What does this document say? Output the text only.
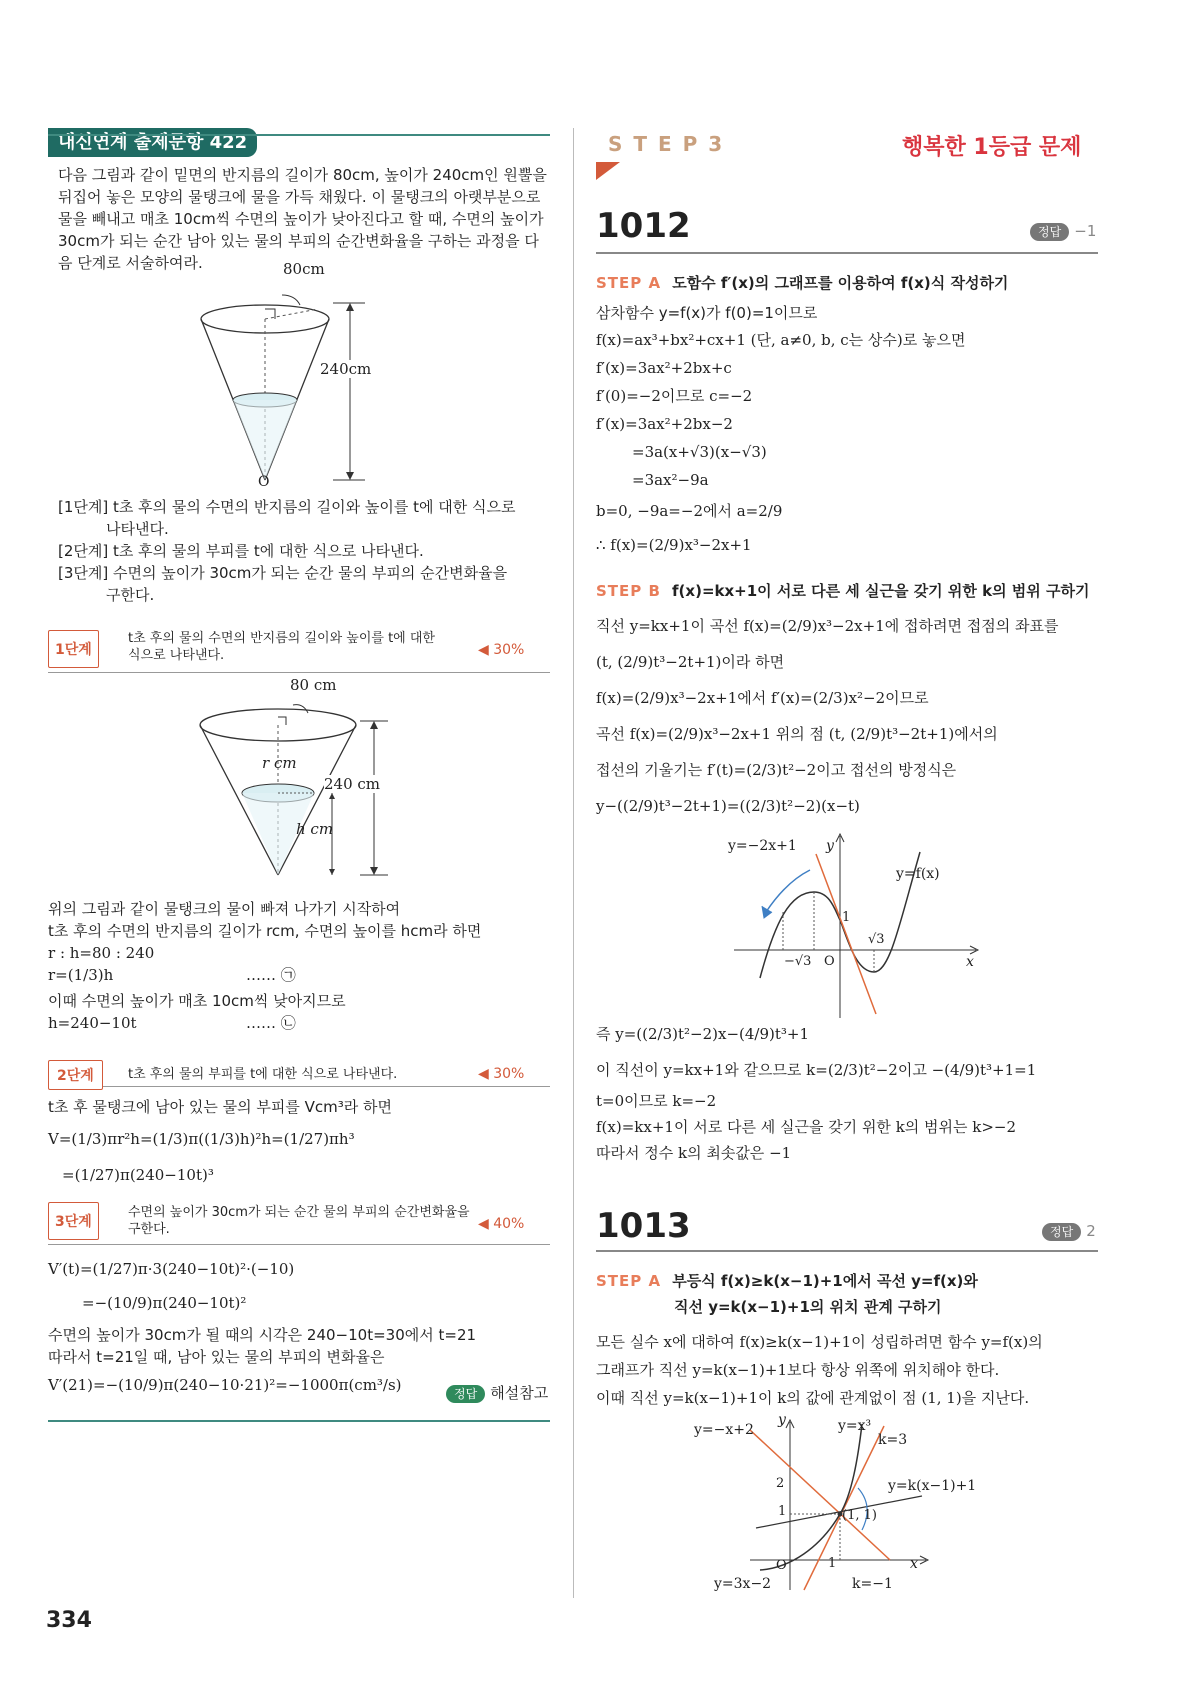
내신연계 출제문항 422
다음 그림과 같이 밑면의 반지름의 길이가 80cm, 높이가 240cm인 원뿔을
뒤집어 놓은 모양의 물탱크에 물을 가득 채웠다. 이 물탱크의 아랫부분으로
물을 빼내고 매초 10cm씩 수면의 높이가 낮아진다고 할 때, 수면의 높이가
30cm가 되는 순간 남아 있는 물의 부피의 순간변화율을 구하는 과정을 다
음 단계로 서술하여라.	80cm
240cm
O
[1단계] t초 후의 물의 수면의 반지름의 길이와 높이를 t에 대한 식으로
나타낸다.
[2단계] t초 후의 물의 부피를 t에 대한 식으로 나타낸다.
[3단계] 수면의 높이가 30cm가 되는 순간 물의 부피의 순간변화율을
구한다.
1단계
t초 후의 물의 수면의 반지름의 길이와 높이를 t에 대한
식으로 나타낸다.	◀ 30%
80 cm
r cm
240 cm
h cm
위의 그림과 같이 물탱크의 물이 빠져 나가기 시작하여
t초 후의 수면의 반지름의 길이가 rcm, 수면의 높이를 hcm라 하면
r : h=80 : 240
r=(1/3)h	…… ㉠
이때 수면의 높이가 매초 10cm씩 낮아지므로
h=240−10t	…… ㉡
2단계	t초 후의 물의 부피를 t에 대한 식으로 나타낸다.	◀ 30%
t초 후 물탱크에 남아 있는 물의 부피를 Vcm³라 하면
V=(1/3)πr²h=(1/3)π((1/3)h)²h=(1/27)πh³
=(1/27)π(240−10t)³
3단계
수면의 높이가 30cm가 되는 순간 물의 부피의 순간변화율을
구한다.	◀ 40%
V′(t)=(1/27)π·3(240−10t)²·(−10)
=−(10/9)π(240−10t)²
수면의 높이가 30cm가 될 때의 시각은 240−10t=30에서 t=21
따라서 t=21일 때, 남아 있는 물의 부피의 변화율은
V′(21)=−(10/9)π(240−10·21)²=−1000π(cm³/s)	정답 해설참고
334
S T E P 3	행복한 1등급 문제
1012	정답 −1
STEP A 도함수 f′(x)의 그래프를 이용하여 f(x)식 작성하기
삼차함수 y=f(x)가 f(0)=1이므로
f(x)=ax³+bx²+cx+1 (단, a≠0, b, c는 상수)로 놓으면
f′(x)=3ax²+2bx+c
f′(0)=−2이므로 c=−2
f′(x)=3ax²+2bx−2
=3a(x+√3)(x−√3)
=3ax²−9a
b=0, −9a=−2에서 a=2/9
∴ f(x)=(2/9)x³−2x+1
STEP B f(x)=kx+1이 서로 다른 세 실근을 갖기 위한 k의 범위 구하기
직선 y=kx+1이 곡선 f(x)=(2/9)x³−2x+1에 접하려면 접점의 좌표를
(t, (2/9)t³−2t+1)이라 하면
f(x)=(2/9)x³−2x+1에서 f′(x)=(2/3)x²−2이므로
곡선 f(x)=(2/9)x³−2x+1 위의 점 (t, (2/9)t³−2t+1)에서의
접선의 기울기는 f′(t)=(2/3)t²−2이고 접선의 방정식은
y−((2/9)t³−2t+1)=((2/3)t²−2)(x−t)
y=−2x+1 y
y=f(x)
1
−√3 O
√3
x
즉 y=((2/3)t²−2)x−(4/9)t³+1
이 직선이 y=kx+1와 같으므로 k=(2/3)t²−2이고 −(4/9)t³+1=1
t=0이므로 k=−2
f(x)=kx+1이 서로 다른 세 실근을 갖기 위한 k의 범위는 k>−2
따라서 정수 k의 최솟값은 −1
1013	정답 2
STEP A 부등식 f(x)≥k(x−1)+1에서 곡선 y=f(x)와
직선 y=k(x−1)+1의 위치 관계 구하기
모든 실수 x에 대하여 f(x)≥k(x−1)+1이 성립하려면 함수 y=f(x)의
그래프가 직선 y=k(x−1)+1보다 항상 위쪽에 위치해야 한다.
이때 직선 y=k(x−1)+1이 k의 값에 관계없이 점 (1, 1)을 지난다.
y=−x+2
y	y=x³
k=3
y=k(x−1)+1
2
1	(1, 1)
O	1	x
y=3x−2	k=−1
